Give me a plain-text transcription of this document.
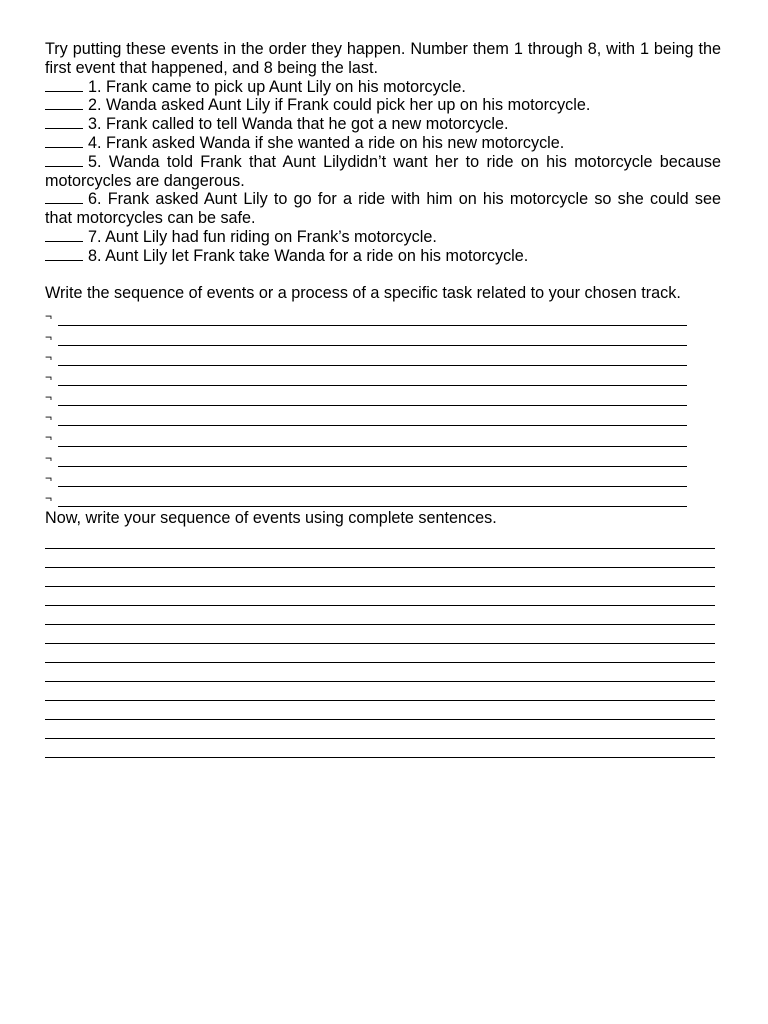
Try putting these events in the order they happen. Number them 1 through 8, with 1 being the first event that happened, and 8 being the last.
1. Frank came to pick up Aunt Lily on his motorcycle.
2. Wanda asked Aunt Lily if Frank could pick her up on his motorcycle.
3. Frank called to tell Wanda that he got a new motorcycle.
4. Frank asked Wanda if she wanted a ride on his new motorcycle.
5. Wanda told Frank that Aunt Lilydidn’t want her to ride on his motorcycle because motorcycles are dangerous.
6. Frank asked Aunt Lily to go for a ride with him on his motorcycle so she could see that motorcycles can be safe.
7. Aunt Lily had fun riding on Frank’s motorcycle.
8. Aunt Lily let Frank take Wanda for a ride on his motorcycle.
Write the sequence of events or a process of a specific task related to your chosen track.
¬
¬
¬
¬
¬
¬
¬
¬
¬
¬
Now, write your sequence of events using complete sentences.
